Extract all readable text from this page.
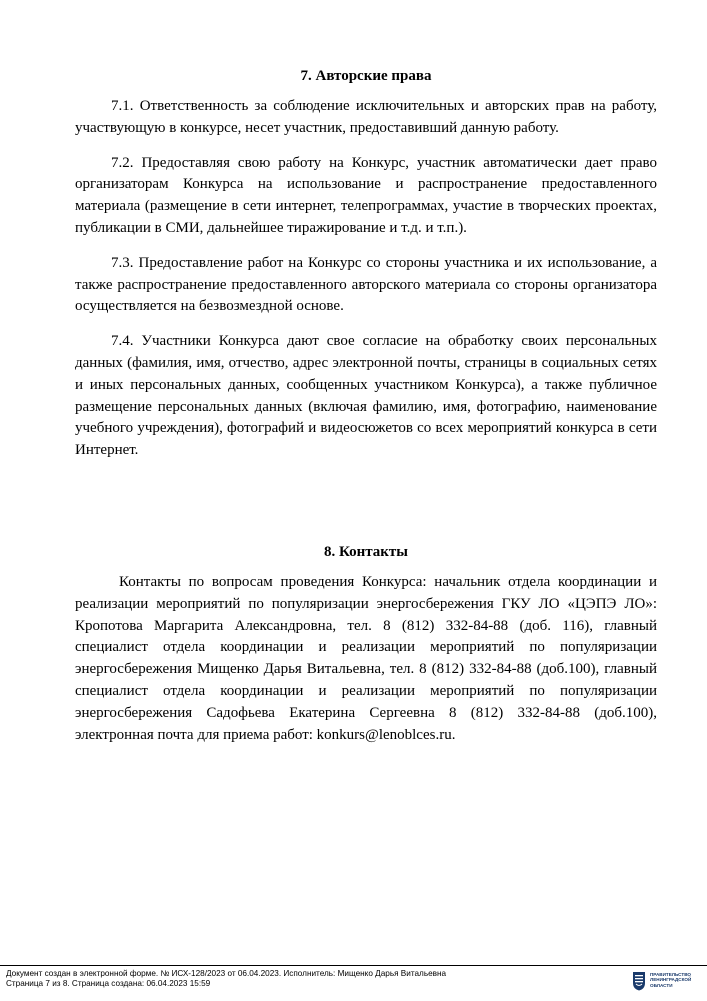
7. Авторские права

7.1. Ответственность за соблюдение исключительных и авторских прав на работу, участвующую в конкурсе, несет участник, предоставивший данную работу.

7.2. Предоставляя свою работу на Конкурс, участник автоматически дает право организаторам Конкурса на использование и распространение предоставленного материала (размещение в сети интернет, телепрограммах, участие в творческих проектах, публикации в СМИ, дальнейшее тиражирование и т.д. и т.п.).

7.3. Предоставление работ на Конкурс со стороны участника и их использование, а также распространение предоставленного авторского материала со стороны организатора осуществляется на безвозмездной основе.

7.4. Участники Конкурса дают свое согласие на обработку своих персональных данных (фамилия, имя, отчество, адрес электронной почты, страницы в социальных сетях и иных персональных данных, сообщенных участником Конкурса), а также публичное размещение персональных данных (включая фамилию, имя, фотографию, наименование учебного учреждения), фотографий и видеосюжетов со всех мероприятий конкурса в сети Интернет.

8. Контакты

Контакты по вопросам проведения Конкурса: начальник отдела координации и реализации мероприятий по популяризации энергосбережения ГКУ ЛО «ЦЭПЭ ЛО»: Кропотова Маргарита Александровна, тел. 8 (812) 332-84-88 (доб. 116), главный специалист отдела координации и реализации мероприятий по популяризации энергосбережения Мищенко Дарья Витальевна, тел. 8 (812) 332-84-88 (доб.100), главный специалист отдела координации и реализации мероприятий по популяризации энергосбережения Садофьева Екатерина Сергеевна 8 (812) 332-84-88 (доб.100), электронная почта для приема работ: konkurs@lenoblces.ru.

Документ создан в электронной форме. № ИСХ-128/2023 от 06.04.2023. Исполнитель: Мищенко Дарья Витальевна
Страница 7 из 8. Страница создана: 06.04.2023 15:59
ПРАВИТЕЛЬСТВО
ЛЕНИНГРАДСКОЙ
ОБЛАСТИ
